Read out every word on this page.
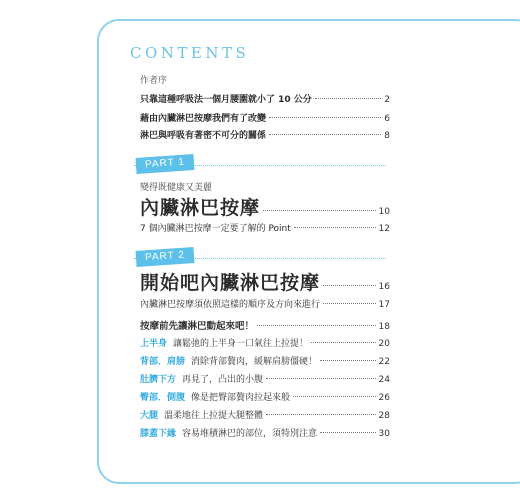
CONTENTS
作者序
只靠這種呼吸法一個月腰圍就小了 10 公分	2
藉由內臟淋巴按摩我們有了改變	6
淋巴與呼吸有著密不可分的關係	8
PART 1
變得既健康又美麗
內臟淋巴按摩	10
7 個內臟淋巴按摩一定要了解的 Point	12
PART 2
開始吧內臟淋巴按摩	16
內臟淋巴按摩須依照這樣的順序及方向來進行	17
按摩前先讓淋巴動起來吧！	18
上半身 讓鬆弛的上半身一口氣往上拉提！	20
背部．肩膀 消除背部贅肉，緩解肩膀僵硬！	22
肚臍下方 再見了，凸出的小腹	24
臀部．側腹 像是把臀部贅肉拉起來般	26
大腿 溫柔地往上拉提大腿整體	28
膝蓋下緣 容易堆積淋巴的部位，須特別注意	30
